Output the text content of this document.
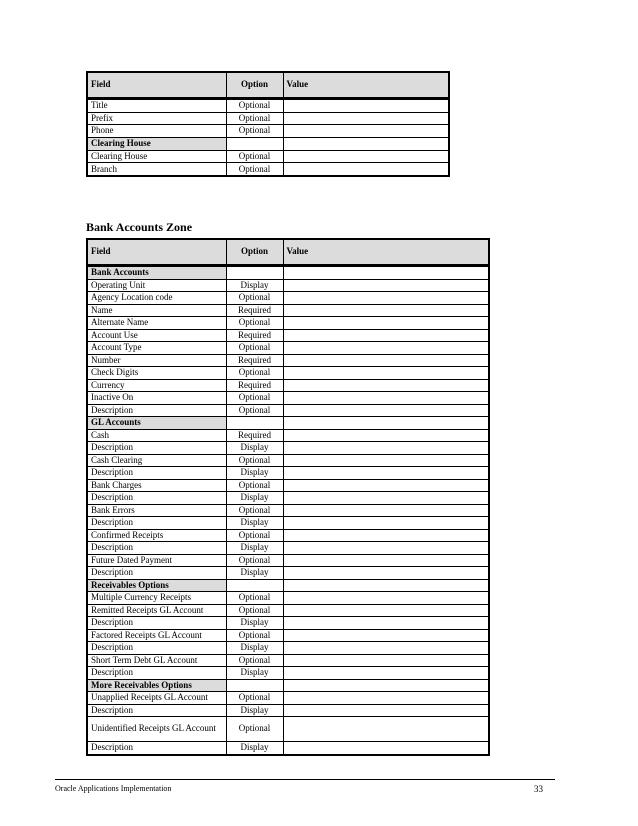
Field	Option	Value
Title	Optional	
Prefix	Optional	
Phone	Optional	
Clearing House		
Clearing House	Optional	
Branch	Optional	
Bank Accounts Zone
Field	Option	Value
Bank Accounts		
Operating Unit	Display	
Agency Location code	Optional	
Name	Required	
Alternate Name	Optional	
Account Use	Required	
Account Type	Optional	
Number	Required	
Check Digits	Optional	
Currency	Required	
Inactive On	Optional	
Description	Optional	
GL Accounts		
Cash	Required	
Description	Display	
Cash Clearing	Optional	
Description	Display	
Bank Charges	Optional	
Description	Display	
Bank Errors	Optional	
Description	Display	
Confirmed Receipts	Optional	
Description	Display	
Future Dated Payment	Optional	
Description	Display	
Receivables Options		
Multiple Currency Receipts	Optional	
Remitted Receipts GL Account	Optional	
Description	Display	
Factored Receipts GL Account	Optional	
Description	Display	
Short Term Debt GL Account	Optional	
Description	Display	
More Receivables Options		
Unapplied Receipts GL Account	Optional	
Description	Display	
Unidentified Receipts GL Account	Optional	
Description	Display	
Oracle Applications Implementation	33
